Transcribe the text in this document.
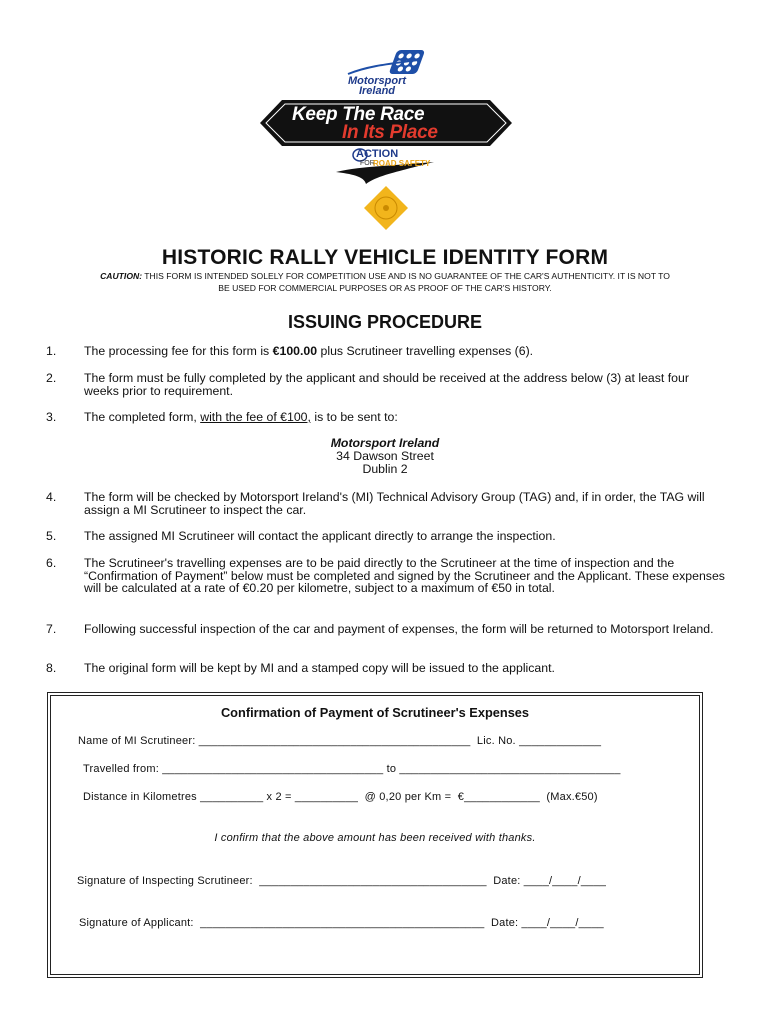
Motorsport
Ireland
Keep The Race
In Its Place
ACTION
FOR
ROAD SAFETY
HISTORIC RALLY VEHICLE IDENTITY FORM
CAUTION: THIS FORM IS INTENDED SOLELY FOR COMPETITION USE AND IS NO GUARANTEE OF THE CAR'S AUTHENTICITY. IT IS NOT TO BE USED FOR COMMERCIAL PURPOSES OR AS PROOF OF THE CAR'S HISTORY.
ISSUING PROCEDURE
1. The processing fee for this form is €100.00 plus Scrutineer travelling expenses (6).
2. The form must be fully completed by the applicant and should be received at the address below (3) at least four weeks prior to requirement.
3. The completed form, with the fee of €100, is to be sent to:
Motorsport Ireland
34 Dawson Street
Dublin 2
4. The form will be checked by Motorsport Ireland's (MI) Technical Advisory Group (TAG) and, if in order, the TAG will assign a MI Scrutineer to inspect the car.
5. The assigned MI Scrutineer will contact the applicant directly to arrange the inspection.
6. The Scrutineer's travelling expenses are to be paid directly to the Scrutineer at the time of inspection and the “Confirmation of Payment” below must be completed and signed by the Scrutineer and the Applicant. These expenses will be calculated at a rate of €0.20 per kilometre, subject to a maximum of €50 in total.
7. Following successful inspection of the car and payment of expenses, the form will be returned to Motorsport Ireland.
8. The original form will be kept by MI and a stamped copy will be issued to the applicant.
Confirmation of Payment of Scrutineer's Expenses
Name of MI Scrutineer: ___________________________________________  Lic. No. _____________
Travelled from: ___________________________________ to ___________________________________
Distance in Kilometres __________ x 2 = __________  @ 0,20 per Km =  €____________  (Max.€50)
I confirm that the above amount has been received with thanks.
Signature of Inspecting Scrutineer:  ____________________________________  Date: ____/____/____
Signature of Applicant:  _____________________________________________  Date: ____/____/____
